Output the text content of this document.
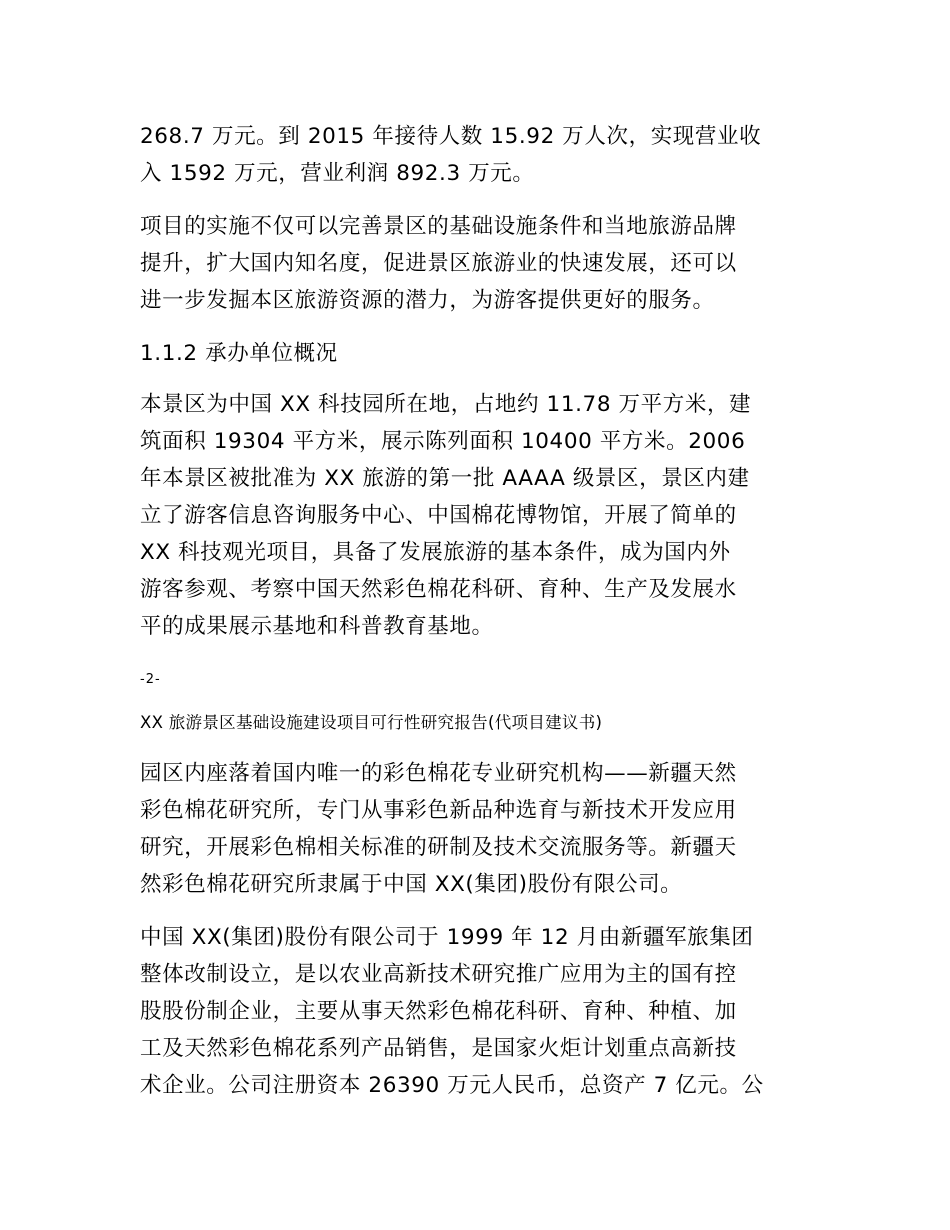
268.7 万元。到 2015 年接待人数 15.92 万人次，实现营业收
入 1592 万元，营业利润 892.3 万元。

项目的实施不仅可以完善景区的基础设施条件和当地旅游品牌
提升，扩大国内知名度，促进景区旅游业的快速发展，还可以
进一步发掘本区旅游资源的潜力，为游客提供更好的服务。

1.1.2 承办单位概况

本景区为中国 XX 科技园所在地，占地约 11.78 万平方米，建
筑面积 19304 平方米，展示陈列面积 10400 平方米。2006
年本景区被批准为 XX 旅游的第一批 AAAA 级景区，景区内建
立了游客信息咨询服务中心、中国棉花博物馆，开展了简单的
XX 科技观光项目，具备了发展旅游的基本条件，成为国内外
游客参观、考察中国天然彩色棉花科研、育种、生产及发展水
平的成果展示基地和科普教育基地。

-2-

XX 旅游景区基础设施建设项目可行性研究报告(代项目建议书)

园区内座落着国内唯一的彩色棉花专业研究机构——新疆天然
彩色棉花研究所，专门从事彩色新品种选育与新技术开发应用
研究，开展彩色棉相关标准的研制及技术交流服务等。新疆天
然彩色棉花研究所隶属于中国 XX(集团)股份有限公司。

中国 XX(集团)股份有限公司于 1999 年 12 月由新疆军旅集团
整体改制设立，是以农业高新技术研究推广应用为主的国有控
股股份制企业，主要从事天然彩色棉花科研、育种、种植、加
工及天然彩色棉花系列产品销售，是国家火炬计划重点高新技
术企业。公司注册资本 26390 万元人民币，总资产 7 亿元。公
